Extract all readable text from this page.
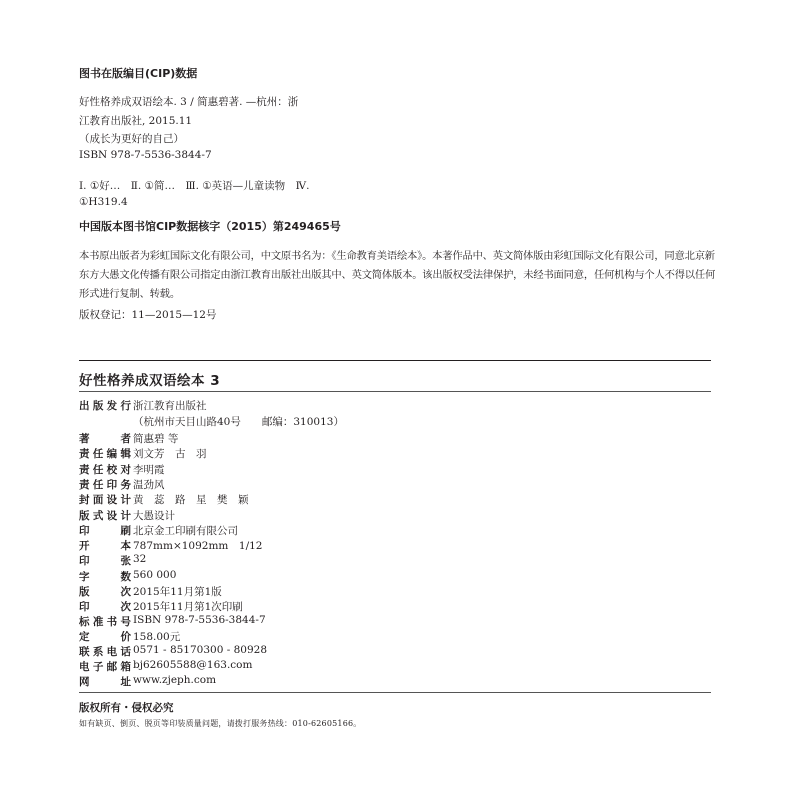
图书在版编目(CIP)数据
好性格养成双语绘本. 3 / 简惠碧著. —杭州：浙
江教育出版社, 2015.11
（成长为更好的自己）
ISBN 978-7-5536-3844-7
Ⅰ. ①好…　Ⅱ. ①简…　Ⅲ. ①英语—儿童读物　Ⅳ.
①H319.4
中国版本图书馆CIP数据核字（2015）第249465号
本书原出版者为彩虹国际文化有限公司，中文原书名为：《生命教育美语绘本》。本著作品中、英文简体版由彩虹国际文化有限公司，同意北京新东方大愚文化传播有限公司指定由浙江教育出版社出版其中、英文简体版本。该出版权受法律保护，未经书面同意，任何机构与个人不得以任何形式进行复制、转载。
版权登记：11—2015—12号
好性格养成双语绘本 3
出版发行 浙江教育出版社
（杭州市天目山路40号　　邮编：310013）
著　　者 简惠碧 等
责任编辑 刘文芳　古　羽
责任校对 李明霞
责任印务 温劲风
封面设计 黄　蕊　路　星　樊　颖
版式设计 大愚设计
印　　刷 北京金工印刷有限公司
开　　本 787mm×1092mm　1/12
印　　张 32
字　　数 560 000
版　　次 2015年11月第1版
印　　次 2015年11月第1次印刷
标准书号 ISBN 978-7-5536-3844-7
定　　价 158.00元
联系电话 0571 - 85170300 - 80928
电子邮箱 bj62605588@163.com
网　　址 www.zjeph.com
版权所有・侵权必究
如有缺页、倒页、脱页等印装质量问题，请拨打服务热线：010-62605166。
